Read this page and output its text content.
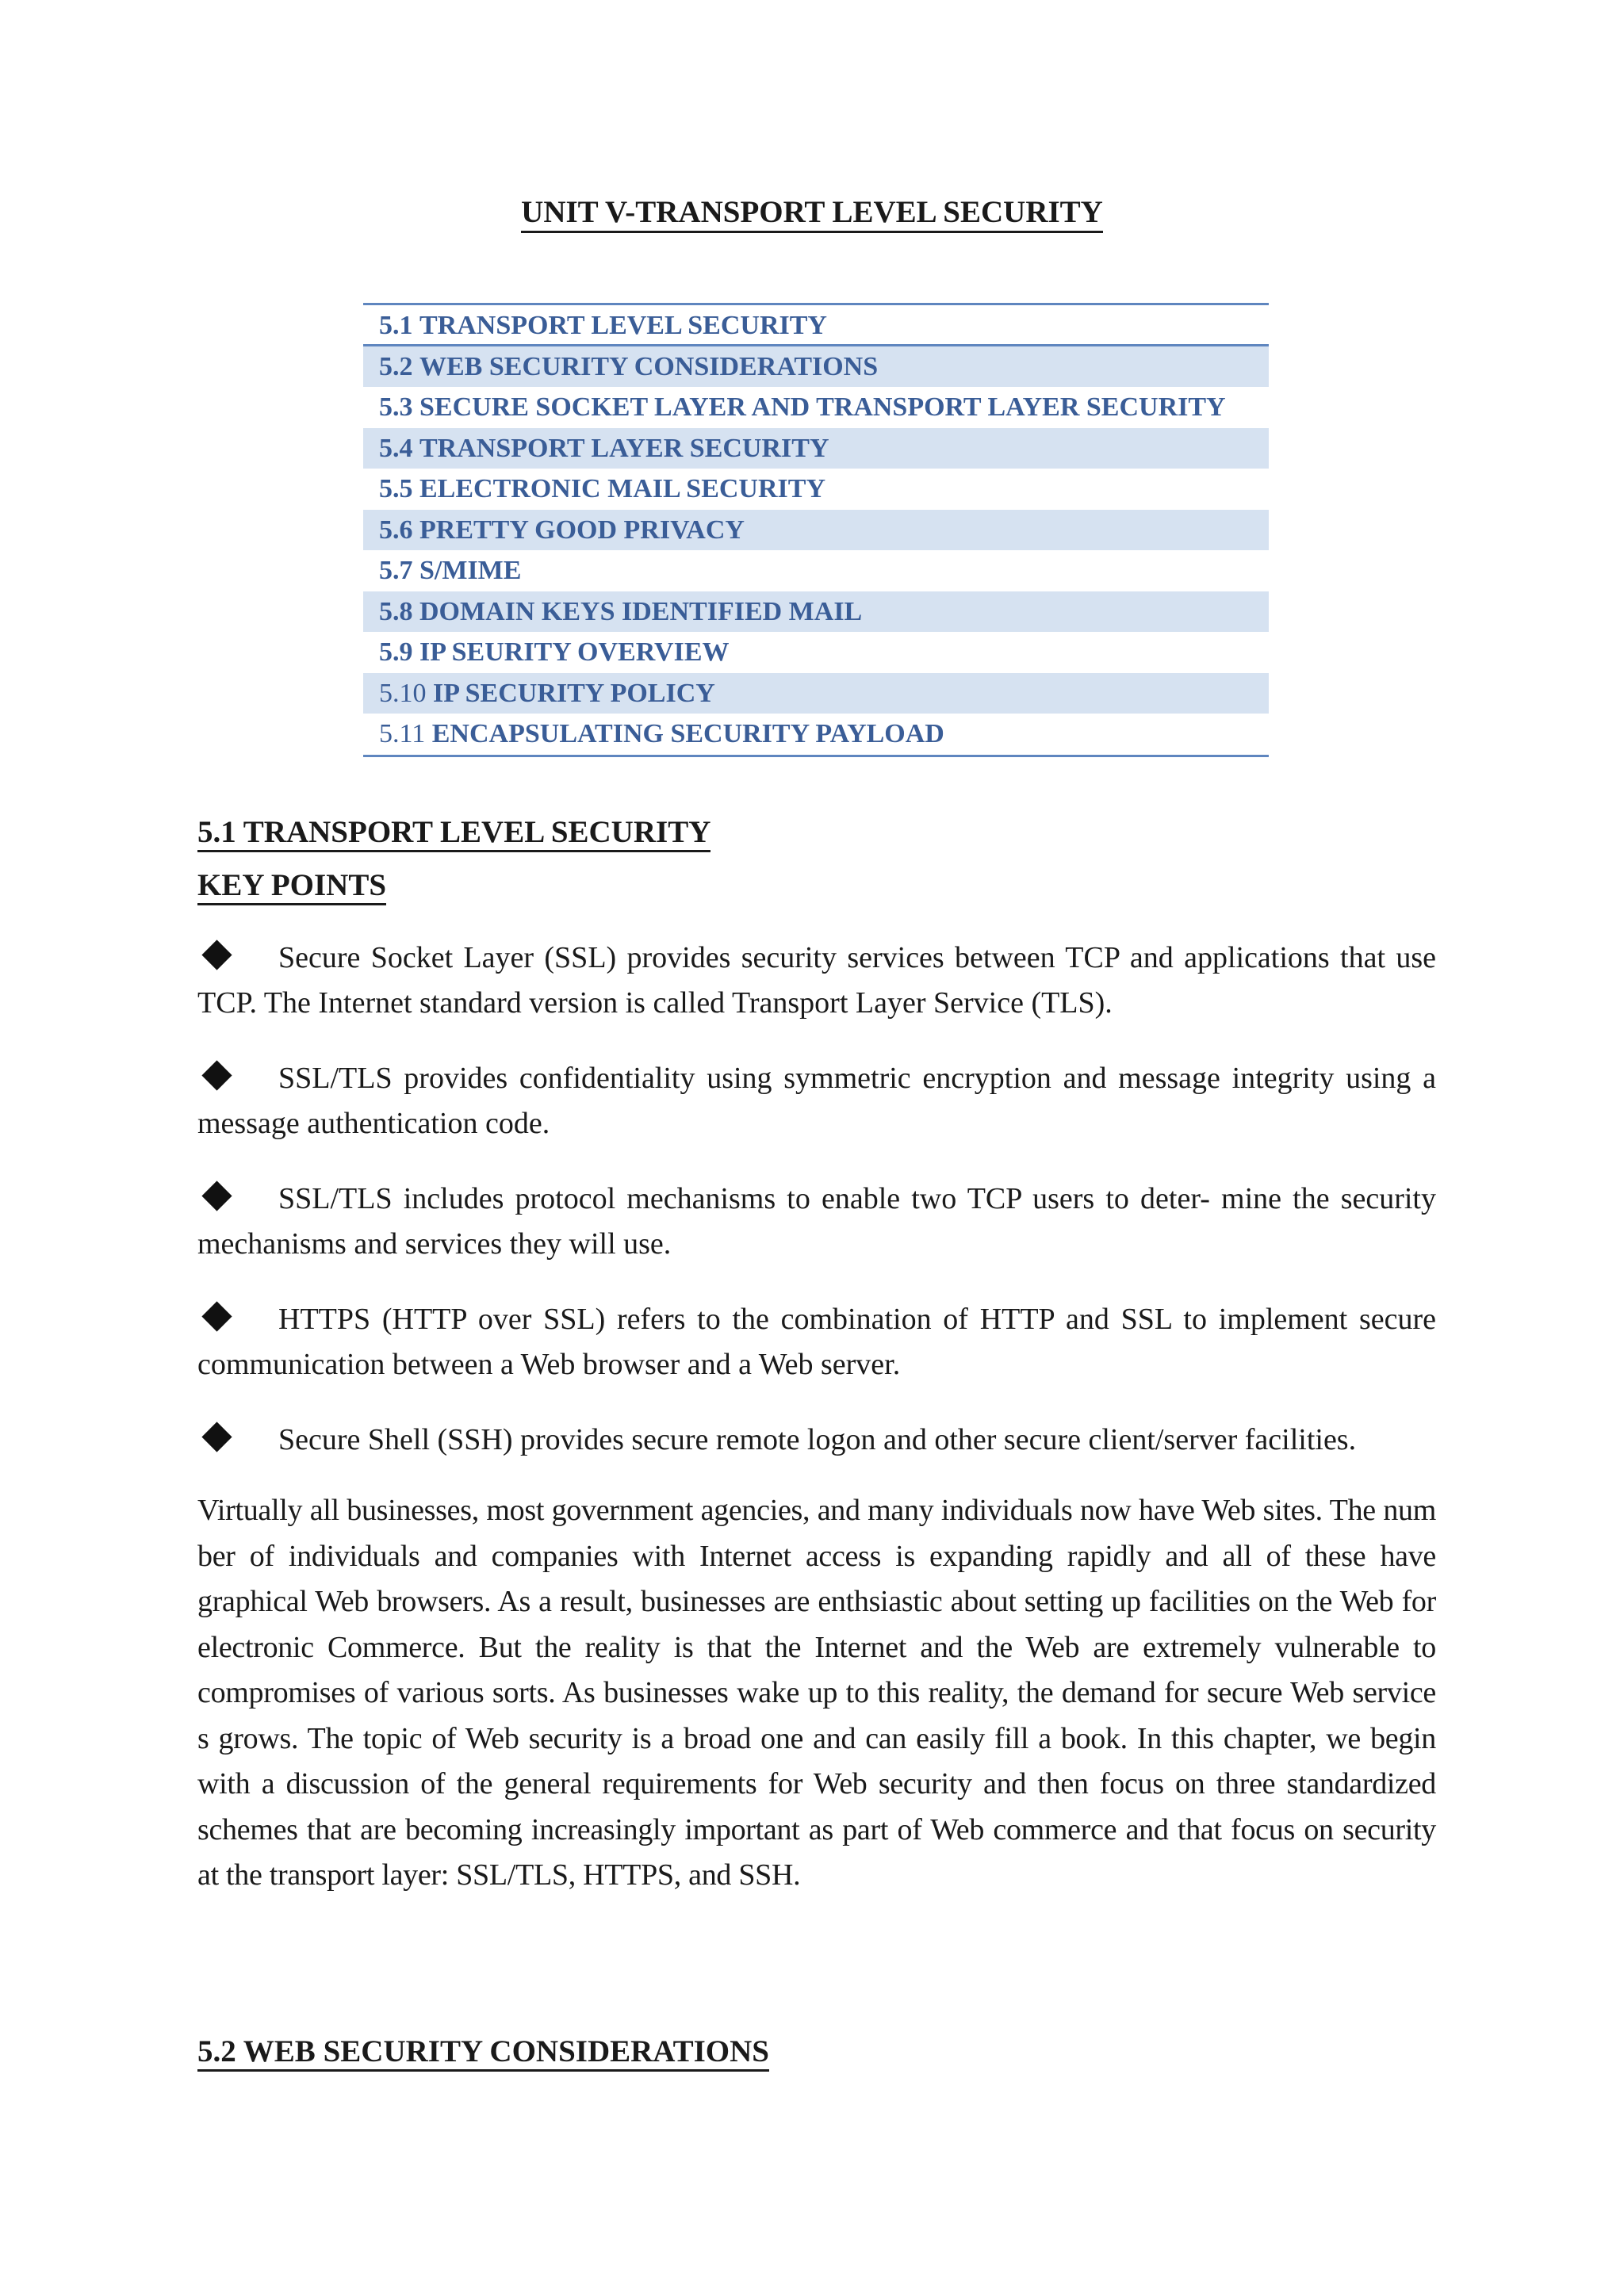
UNIT V-TRANSPORT LEVEL SECURITY
5.1 TRANSPORT LEVEL SECURITY
5.2 WEB SECURITY CONSIDERATIONS
5.3 SECURE SOCKET LAYER AND TRANSPORT LAYER SECURITY
5.4 TRANSPORT LAYER SECURITY
5.5 ELECTRONIC MAIL SECURITY
5.6 PRETTY GOOD PRIVACY
5.7 S/MIME
5.8 DOMAIN KEYS IDENTIFIED MAIL
5.9 IP SEURITY OVERVIEW
5.10 IP SECURITY POLICY
5.11 ENCAPSULATING SECURITY PAYLOAD
5.1 TRANSPORT LEVEL SECURITY
KEY POINTS
Secure Socket Layer (SSL) provides security services between TCP and applications that use TCP. The Internet standard version is called Transport Layer Service (TLS).
SSL/TLS provides confidentiality using symmetric encryption and message integrity using a message authentication code.
SSL/TLS includes protocol mechanisms to enable two TCP users to deter- mine the security mechanisms and services they will use.
HTTPS (HTTP over SSL) refers to the combination of HTTP and SSL to implement secure communication between a Web browser and a Web server.
Secure Shell (SSH) provides secure remote logon and other secure client/server facilities.
Virtually all businesses, most government agencies, and many individuals now have Web sites. The num ber of individuals and companies with Internet access is expanding rapidly and all of these have graphical Web browsers. As a result, businesses are enthsiastic about setting up facilities on the Web for electronic Commerce. But the reality is that the Internet and the Web are extremely vulnerable to compromises of various sorts. As businesses wake up to this reality, the demand for secure Web service s grows. The topic of Web security is a broad one and can easily fill a book. In this chapter, we begin with a discussion of the general requirements for Web security and then focus on three standardized schemes that are becoming increasingly important as part of Web commerce and that focus on security at the transport layer: SSL/TLS, HTTPS, and SSH.
5.2 WEB SECURITY CONSIDERATIONS
